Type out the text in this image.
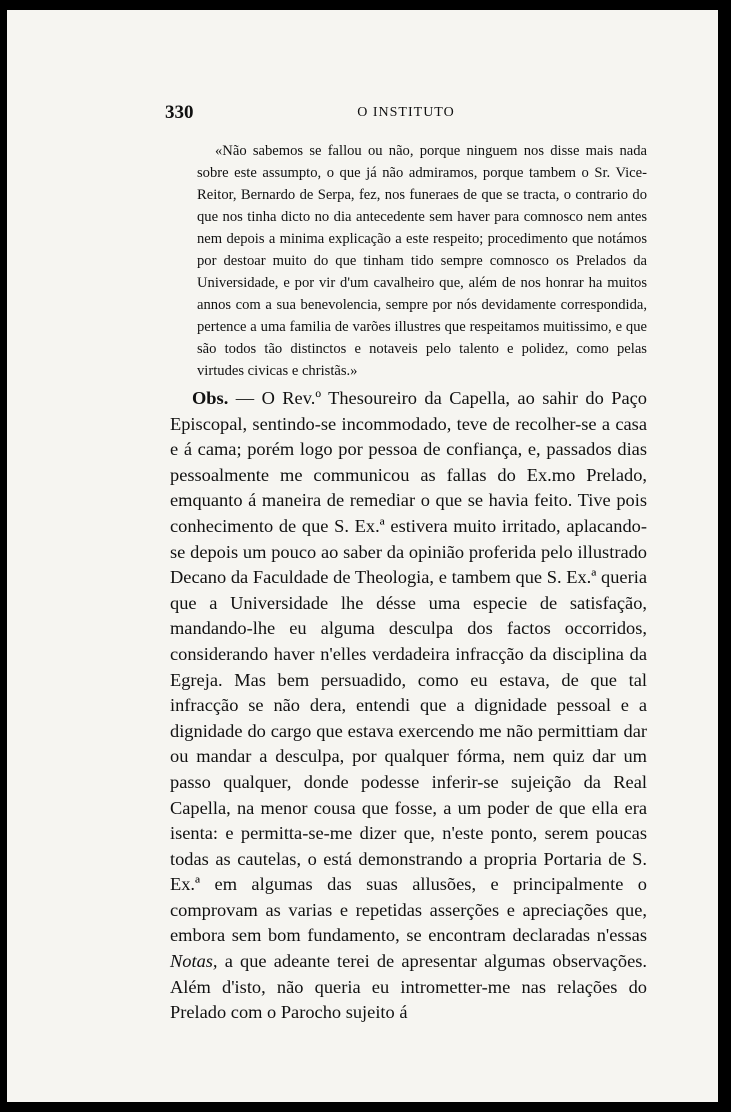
330	O INSTITUTO

«Não sabemos se fallou ou não, porque ninguem nos disse mais nada sobre este assumpto, o que já não admiramos, porque tambem o Sr. Vice-Reitor, Bernardo de Serpa, fez, nos funeraes de que se tracta, o contrario do que nos tinha dicto no dia antecedente sem haver para comnosco nem antes nem depois a minima explicação a este respeito; procedimento que notámos por destoar muito do que tinham tido sempre comnosco os Prelados da Universidade, e por vir d'um cavalheiro que, além de nos honrar ha muitos annos com a sua benevolencia, sempre por nós devidamente correspondida, pertence a uma familia de varões illustres que respeitamos muitissimo, e que são todos tão distinctos e notaveis pelo talento e polidez, como pelas virtudes civicas e christãs.»

Obs. — O Rev.º Thesoureiro da Capella, ao sahir do Paço Episcopal, sentindo-se incommodado, teve de recolher-se a casa e á cama; porém logo por pessoa de confiança, e, passados dias pessoalmente me communicou as fallas do Ex.mo Prelado, emquanto á maneira de remediar o que se havia feito. Tive pois conhecimento de que S. Ex.ª estivera muito irritado, aplacando-se depois um pouco ao saber da opinião proferida pelo illustrado Decano da Faculdade de Theologia, e tambem que S. Ex.ª queria que a Universidade lhe désse uma especie de satisfação, mandando-lhe eu alguma desculpa dos factos occorridos, considerando haver n'elles verdadeira infracção da disciplina da Egreja. Mas bem persuadido, como eu estava, de que tal infracção se não dera, entendi que a dignidade pessoal e a dignidade do cargo que estava exercendo me não permittiam dar ou mandar a desculpa, por qualquer fórma, nem quiz dar um passo qualquer, donde podesse inferir-se sujeição da Real Capella, na menor cousa que fosse, a um poder de que ella era isenta: e permitta-se-me dizer que, n'este ponto, serem poucas todas as cautelas, o está demonstrando a propria Portaria de S. Ex.ª em algumas das suas allusões, e principalmente o comprovam as varias e repetidas asserções e apreciações que, embora sem bom fundamento, se encontram declaradas n'essas Notas, a que adeante terei de apresentar algumas observações. Além d'isto, não queria eu intrometter-me nas relações do Prelado com o Parocho sujeito á
